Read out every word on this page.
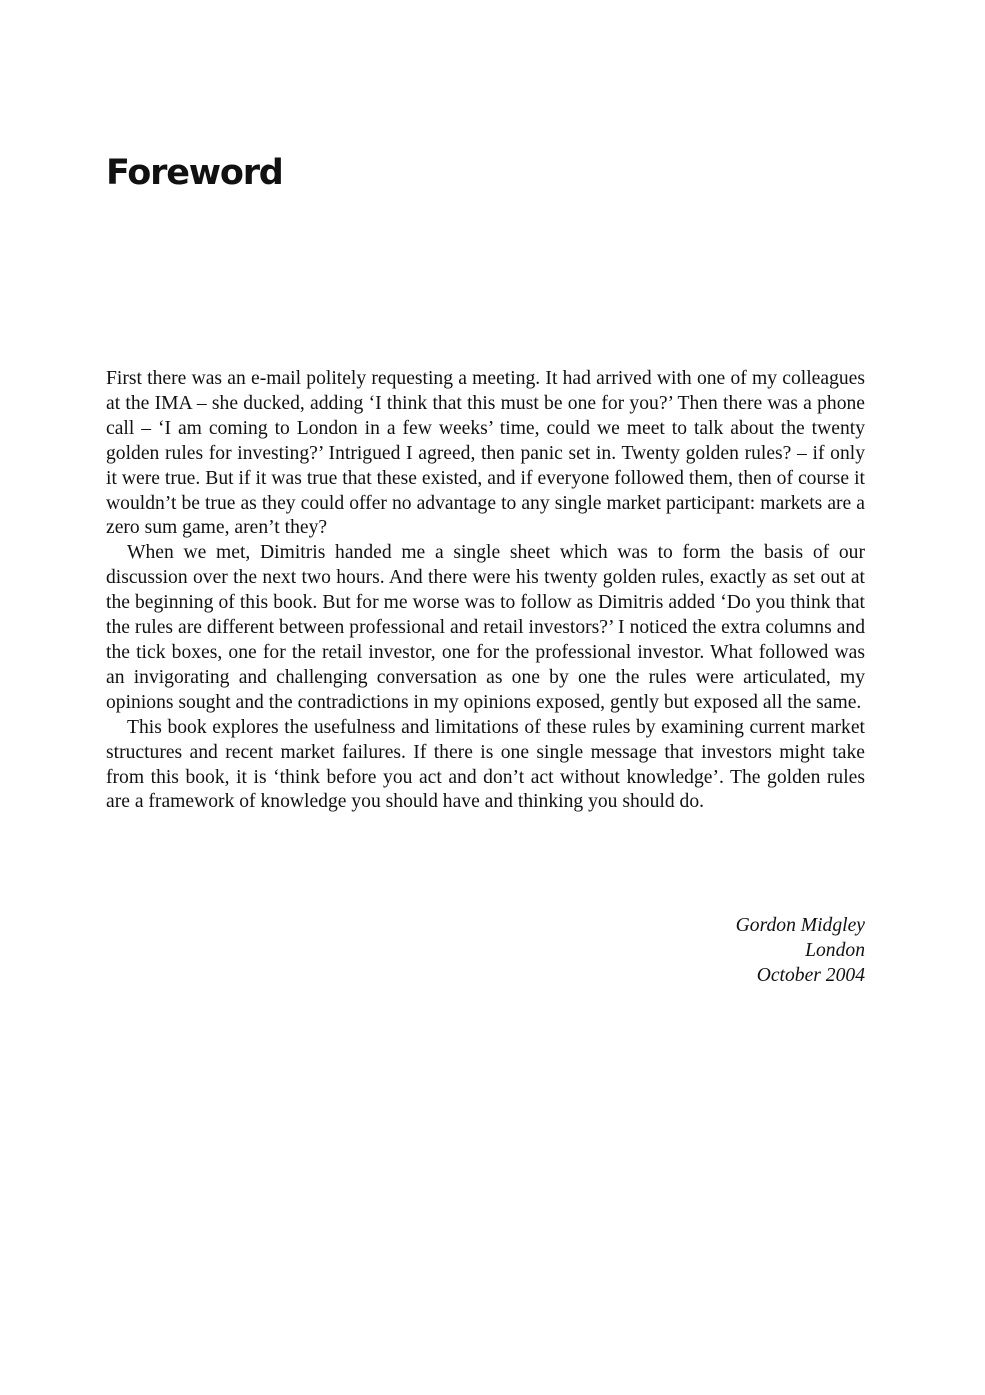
Foreword

First there was an e-mail politely requesting a meeting. It had arrived with one of my colleagues at the IMA – she ducked, adding ‘I think that this must be one for you?’ Then there was a phone call – ‘I am coming to London in a few weeks’ time, could we meet to talk about the twenty golden rules for investing?’ Intrigued I agreed, then panic set in. Twenty golden rules? – if only it were true. But if it was true that these existed, and if everyone followed them, then of course it wouldn’t be true as they could offer no advantage to any single market participant: markets are a zero sum game, aren’t they?

When we met, Dimitris handed me a single sheet which was to form the basis of our discussion over the next two hours. And there were his twenty golden rules, exactly as set out at the beginning of this book. But for me worse was to follow as Dimitris added ‘Do you think that the rules are different between professional and retail investors?’ I noticed the extra columns and the tick boxes, one for the retail investor, one for the professional investor. What followed was an invigorating and challenging conversation as one by one the rules were articulated, my opinions sought and the contradictions in my opinions exposed, gently but exposed all the same.

This book explores the usefulness and limitations of these rules by examining current market structures and recent market failures. If there is one single message that investors might take from this book, it is ‘think before you act and don’t act without knowledge’. The golden rules are a framework of knowledge you should have and thinking you should do.

Gordon Midgley
London
October 2004
